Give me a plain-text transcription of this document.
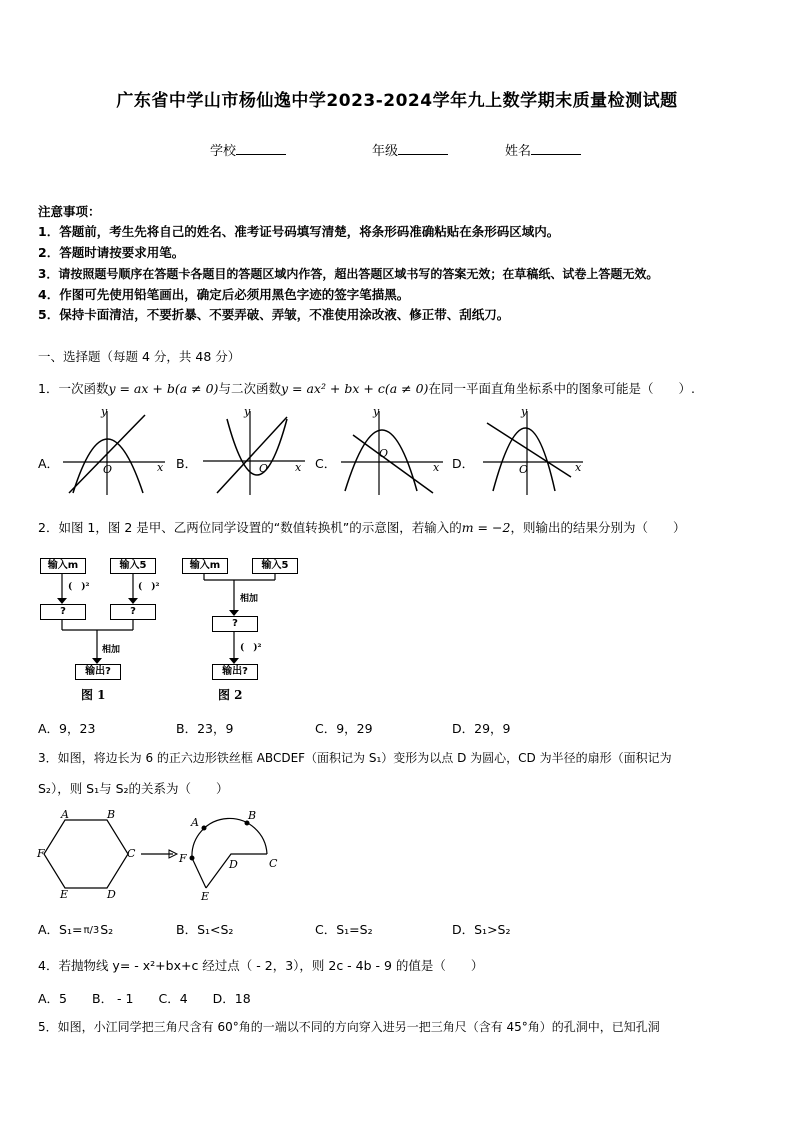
广东省中学山市杨仙逸中学2023-2024学年九上数学期末质量检测试题
学校	年级	姓名
注意事项：
1．答题前，考生先将自己的姓名、准考证号码填写清楚，将条形码准确粘贴在条形码区域内。
2．答题时请按要求用笔。
3．请按照题号顺序在答题卡各题目的答题区域内作答，超出答题区域书写的答案无效；在草稿纸、试卷上答题无效。
4．作图可先使用铅笔画出，确定后必须用黑色字迹的签字笔描黑。
5．保持卡面清洁，不要折暴、不要弄破、弄皱，不准使用涂改液、修正带、刮纸刀。
一、选择题（每题 4 分，共 48 分）
1．一次函数y = ax + b(a ≠ 0)与二次函数y = ax² + bx + c(a ≠ 0)在同一平面直角坐标系中的图象可能是（　　）.
A．	B．	C．	D．
y
x
O
y
x
O
y
x
O
y
x
O
2．如图 1，图 2 是甲、乙两位同学设置的“数值转换机”的示意图，若输入的m = −2，则输出的结果分别为（　　）
输入m	输入5
(　)²	(　)²
?	?
相加
输出?
图 1
输入m	输入5
相加
?
(　)²
输出?
图 2
A．9，23	B．23，9	C．9，29	D．29，9
3．如图，将边长为 6 的正六边形铁丝框 ABCDEF（面积记为 S₁）变形为以点 D 为圆心，CD 为半径的扇形（面积记为
S₂），则 S₁与 S₂的关系为（　　）
A	B
C
D
E
F
A
B
C
D
E
F
A．S₁=π/3S₂	B．S₁<S₂	C．S₁=S₂	D．S₁>S₂
4．若抛物线 y= - x²+bx+c 经过点（ - 2，3），则 2c - 4b - 9 的值是（　　）
A．5　　B． - 1　　C．4　　D．18
5．如图，小江同学把三角尺含有 60°角的一端以不同的方向穿入进另一把三角尺（含有 45°角）的孔洞中，已知孔洞
